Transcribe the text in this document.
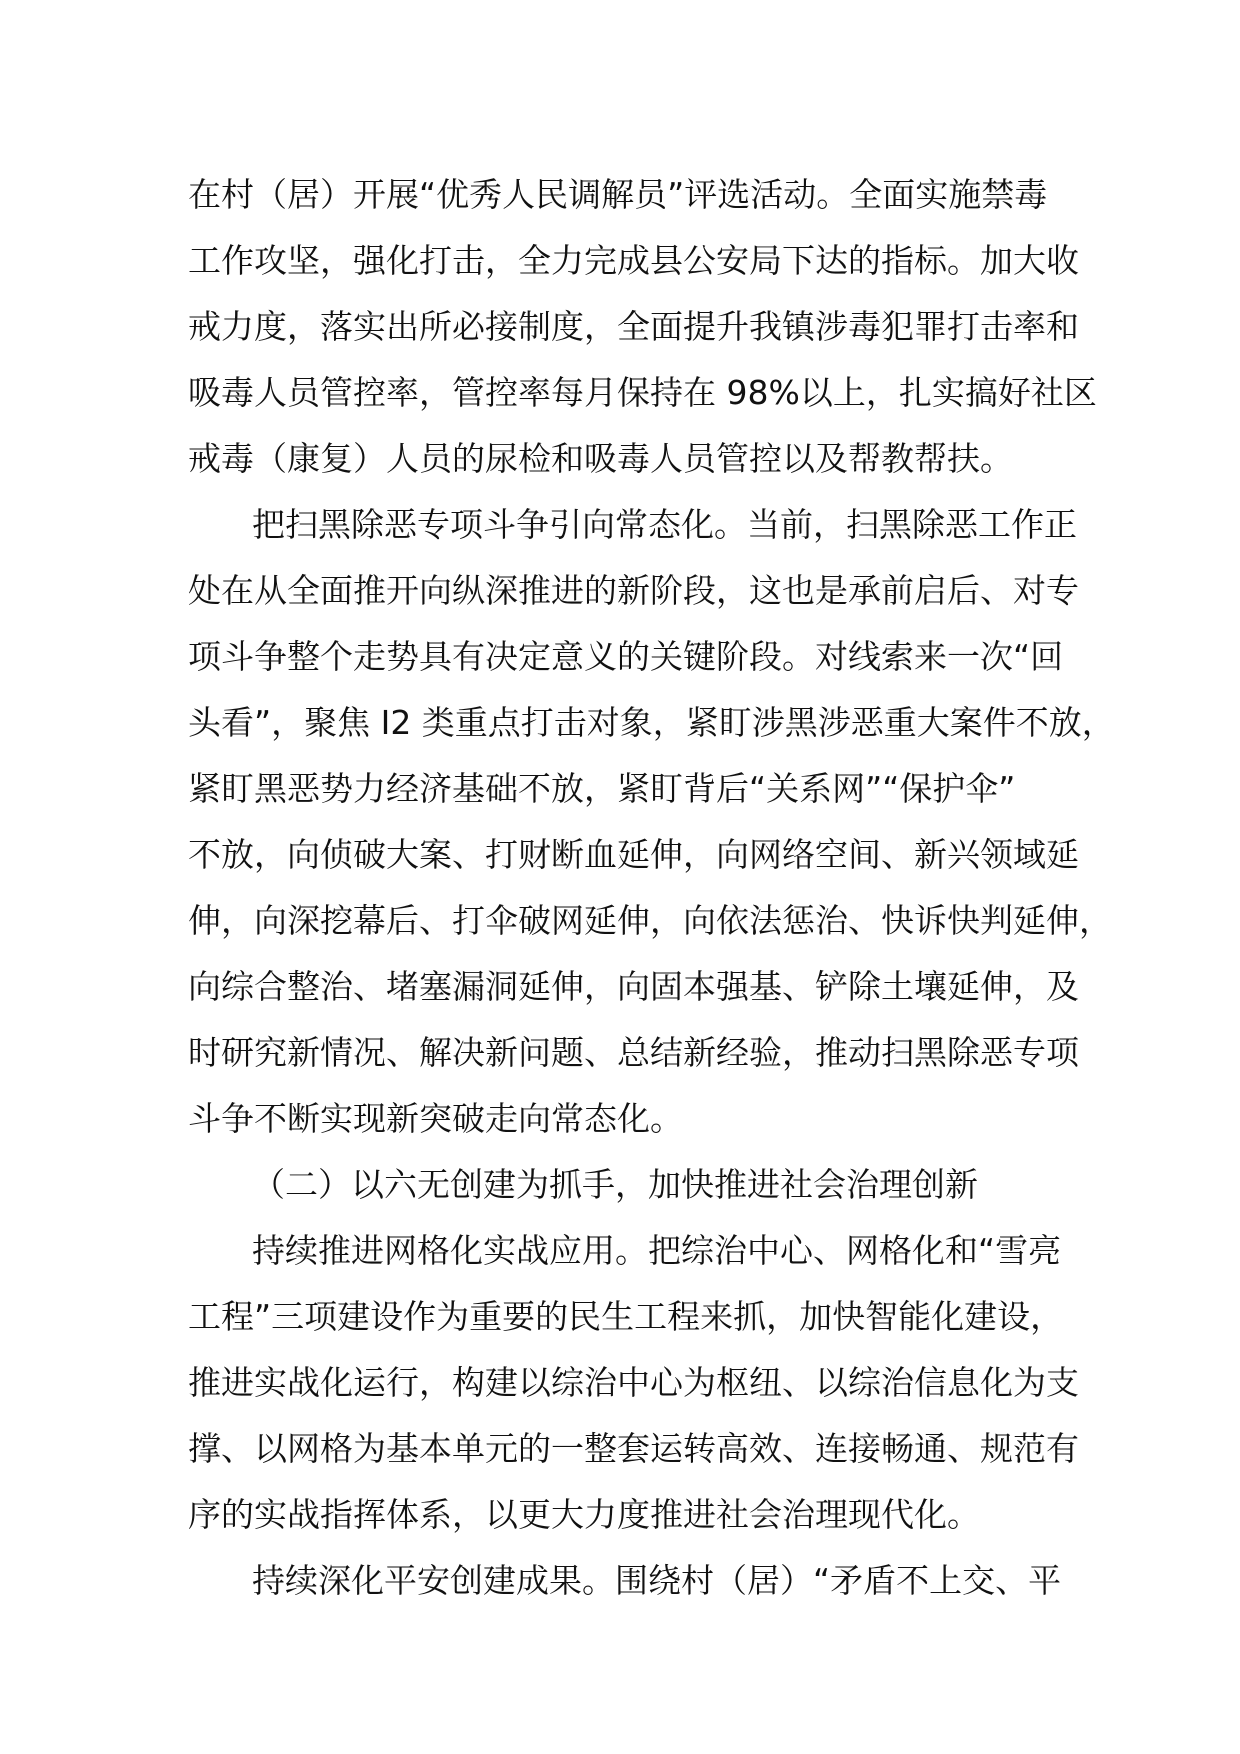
在村（居）开展“优秀人民调解员”评选活动。全面实施禁毒
工作攻坚，强化打击，全力完成县公安局下达的指标。加大收
戒力度，落实出所必接制度，全面提升我镇涉毒犯罪打击率和
吸毒人员管控率，管控率每月保持在 98%以上，扎实搞好社区
戒毒（康复）人员的尿检和吸毒人员管控以及帮教帮扶。
把扫黑除恶专项斗争引向常态化。当前，扫黑除恶工作正
处在从全面推开向纵深推进的新阶段，这也是承前启后、对专
项斗争整个走势具有决定意义的关键阶段。对线索来一次“回
头看”，聚焦 I2 类重点打击对象，紧盯涉黑涉恶重大案件不放，
紧盯黑恶势力经济基础不放，紧盯背后“关系网”“保护伞”
不放，向侦破大案、打财断血延伸，向网络空间、新兴领域延
伸，向深挖幕后、打伞破网延伸，向依法惩治、快诉快判延伸，
向综合整治、堵塞漏洞延伸，向固本强基、铲除土壤延伸，及
时研究新情况、解决新问题、总结新经验，推动扫黑除恶专项
斗争不断实现新突破走向常态化。
（二）以六无创建为抓手，加快推进社会治理创新
持续推进网格化实战应用。把综治中心、网格化和“雪亮
工程”三项建设作为重要的民生工程来抓，加快智能化建设，
推进实战化运行，构建以综治中心为枢纽、以综治信息化为支
撑、以网格为基本单元的一整套运转高效、连接畅通、规范有
序的实战指挥体系，以更大力度推进社会治理现代化。
持续深化平安创建成果。围绕村（居）“矛盾不上交、平
